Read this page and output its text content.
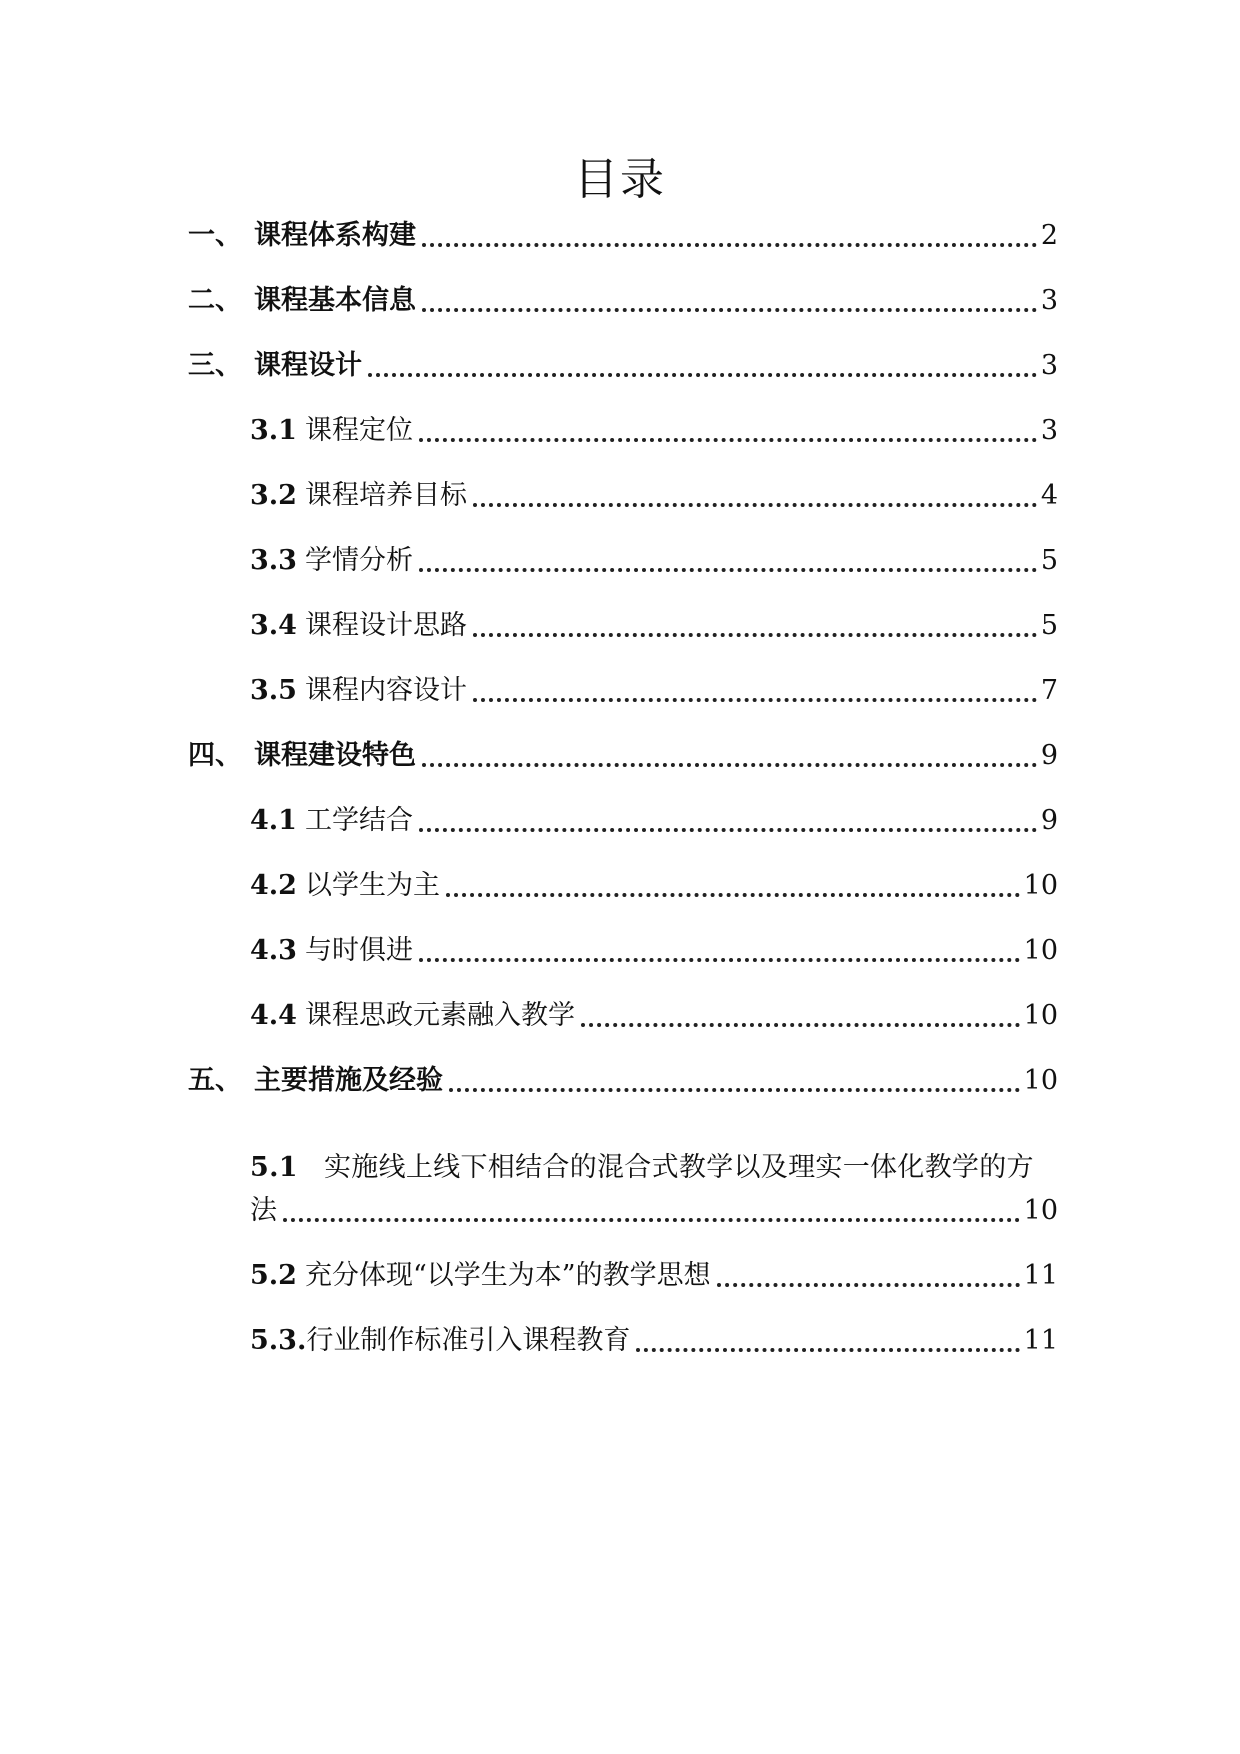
目录
一、 课程体系构建	2
二、 课程基本信息	3
三、 课程设计	3
3.1 课程定位	3
3.2 课程培养目标	4
3.3 学情分析	5
3.4 课程设计思路	5
3.5 课程内容设计	7
四、 课程建设特色	9
4.1 工学结合	9
4.2 以学生为主	10
4.3 与时俱进	10
4.4 课程思政元素融入教学	10
五、 主要措施及经验	10
5.1 实施线上线下相结合的混合式教学以及理实一体化教学的方
法	10
5.2 充分体现“以学生为本”的教学思想	11
5.3. 行业制作标准引入课程教育	11
